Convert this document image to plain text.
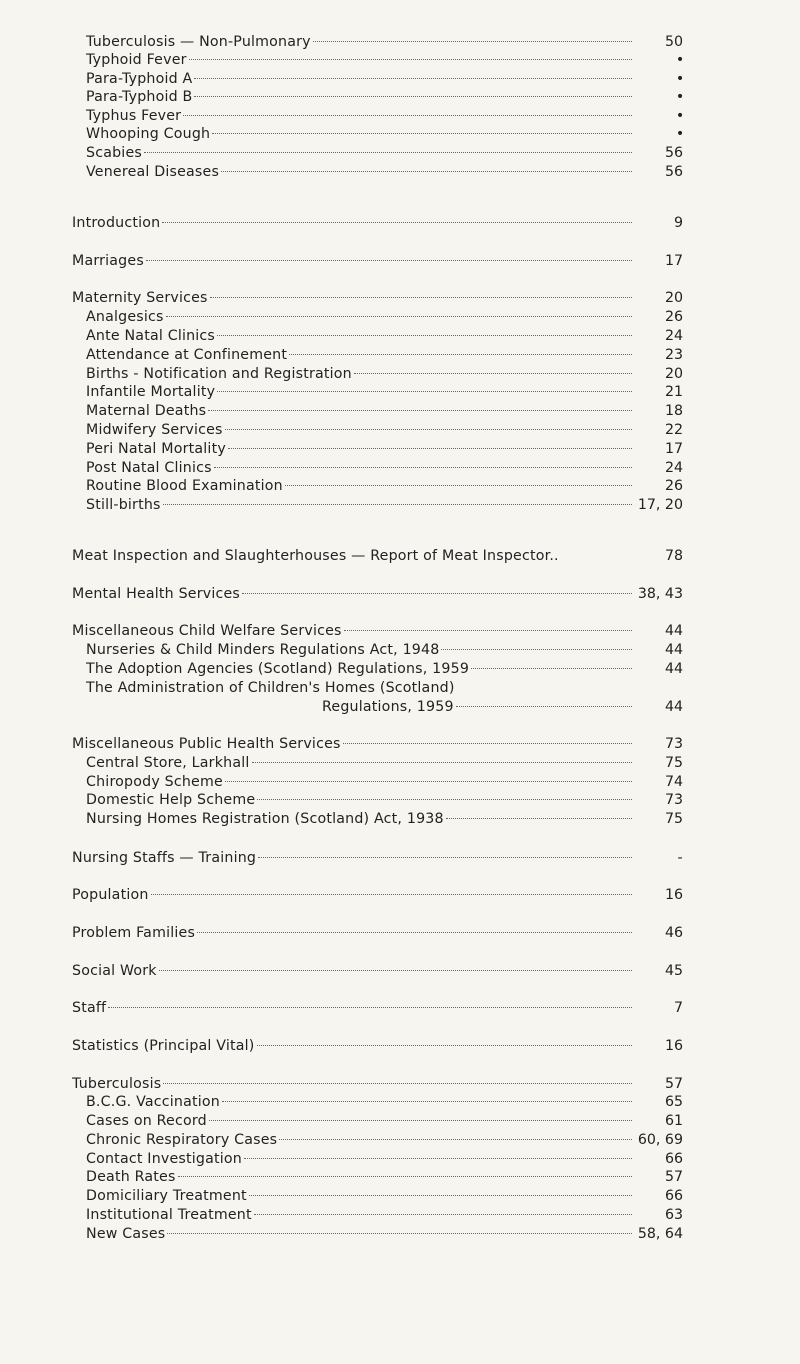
Tuberculosis — Non-Pulmonary	50
Typhoid Fever	•
Para-Typhoid A	•
Para-Typhoid B	•
Typhus Fever	•
Whooping Cough	•
Scabies	56
Venereal Diseases	56
Introduction	9
Marriages	17
Maternity Services	20
Analgesics	26
Ante Natal Clinics	24
Attendance at Confinement	23
Births - Notification and Registration	20
Infantile Mortality	21
Maternal Deaths	18
Midwifery Services	22
Peri Natal Mortality	17
Post Natal Clinics	24
Routine Blood Examination	26
Still-births	17, 20
Meat Inspection and Slaughterhouses — Report of Meat Inspector..	78
Mental Health Services	38, 43
Miscellaneous Child Welfare Services	44
Nurseries & Child Minders Regulations Act, 1948	44
The Adoption Agencies (Scotland) Regulations, 1959	44
The Administration of Children's Homes (Scotland)
Regulations, 1959	44
Miscellaneous Public Health Services	73
Central Store, Larkhall	75
Chiropody Scheme	74
Domestic Help Scheme	73
Nursing Homes Registration (Scotland) Act, 1938	75
Nursing Staffs — Training	-
Population	16
Problem Families	46
Social Work	45
Staff	7
Statistics (Principal Vital)	16
Tuberculosis	57
B.C.G. Vaccination	65
Cases on Record	61
Chronic Respiratory Cases	60, 69
Contact Investigation	66
Death Rates	57
Domiciliary Treatment	66
Institutional Treatment	63
New Cases	58, 64
